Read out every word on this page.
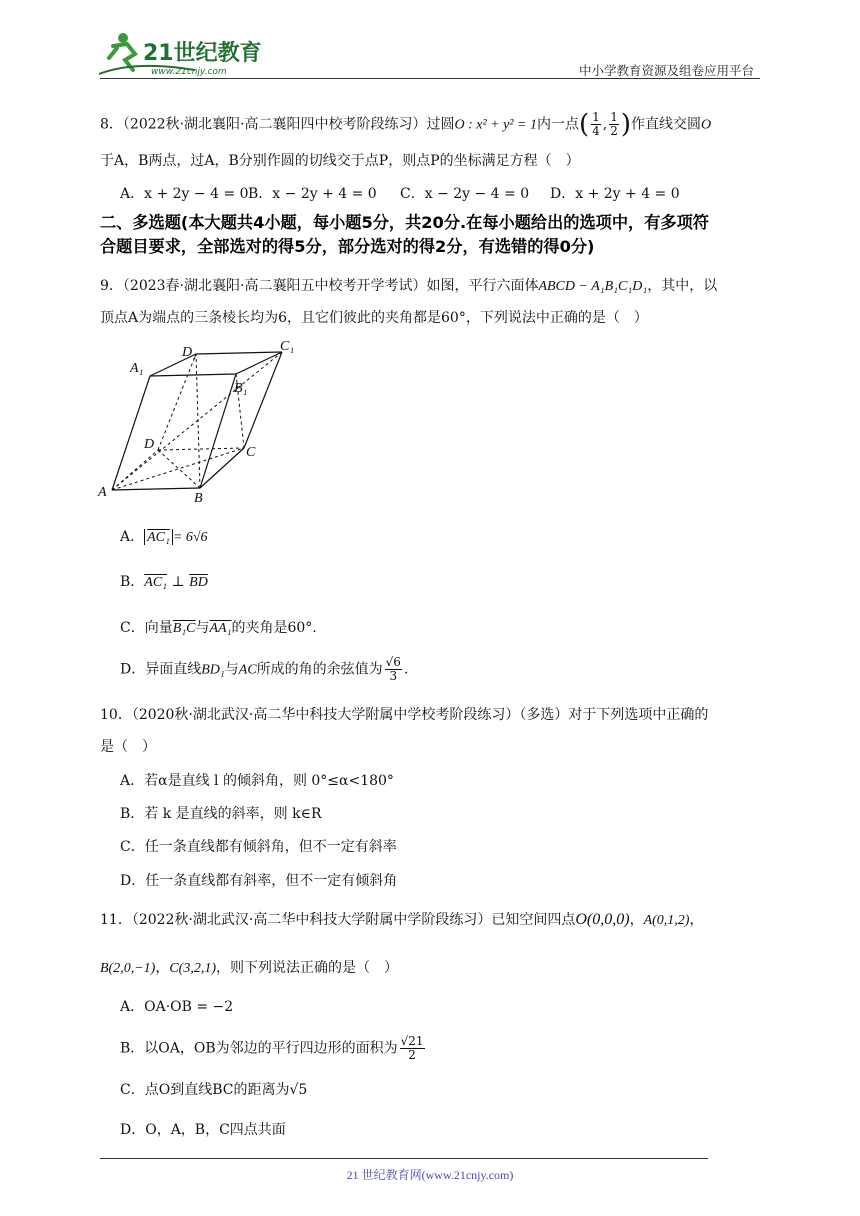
21世纪教育
www.21cnjy.com	中小学教育资源及组卷应用平台
8．（2022秋·湖北襄阳·高二襄阳四中校考阶段练习）过圆O : x² + y² = 1内一点( $\frac{1}{4}$ , $\frac{1}{2}$ )作直线交圆O
于A，B两点，过A，B分别作圆的切线交于点P，则点P的坐标满足方程（　）
A．x + 2y − 4 = 0 B．x − 2y + 4 = 0 C．x − 2y − 4 = 0 D．x + 2y + 4 = 0
二、多选题(本大题共4小题，每小题5分，共20分.在每小题给出的选项中，有多项符
合题目要求，全部选对的得5分，部分选对的得2分，有选错的得0分)
9．（2023春·湖北襄阳·高二襄阳五中校考开学考试）如图，平行六面体ABCD − A₁B₁C₁D₁，其中，以
顶点A为端点的三条棱长均为6，且它们彼此的夹角都是60°，下列说法中正确的是（　）
D₁	C₁
A₁
B₁
D
C
A	B
A． AC₁ = 6√6
B．AC₁ ⊥ $\overline{BD}$
C．向量B₁C与AA₁的夹角是60°.
D．异面直线BD₁与AC所成的角的余弦值为 $\frac{√6}{3}$ .
10．（2020秋·湖北武汉·高二华中科技大学附属中学校考阶段练习）（多选）对于下列选项中正确的
是（　）
A．若α是直线 l 的倾斜角，则 0°≤α<180°
B．若 k 是直线的斜率，则 k∈R
C．任一条直线都有倾斜角，但不一定有斜率
D．任一条直线都有斜率，但不一定有倾斜角
11．（2022秋·湖北武汉·高二华中科技大学附属中学阶段练习）已知空间四点O(0,0,0)，A(0,1,2)，
B(2,0,−1)，C(3,2,1)，则下列说法正确的是（　）
A．OA·OB = −2
B．以OA，OB为邻边的平行四边形的面积为 $\frac{√21}{2}$
C．点O到直线BC的距离为√5
D．O，A，B，C四点共面
21 世纪教育网(www.21cnjy.com)
